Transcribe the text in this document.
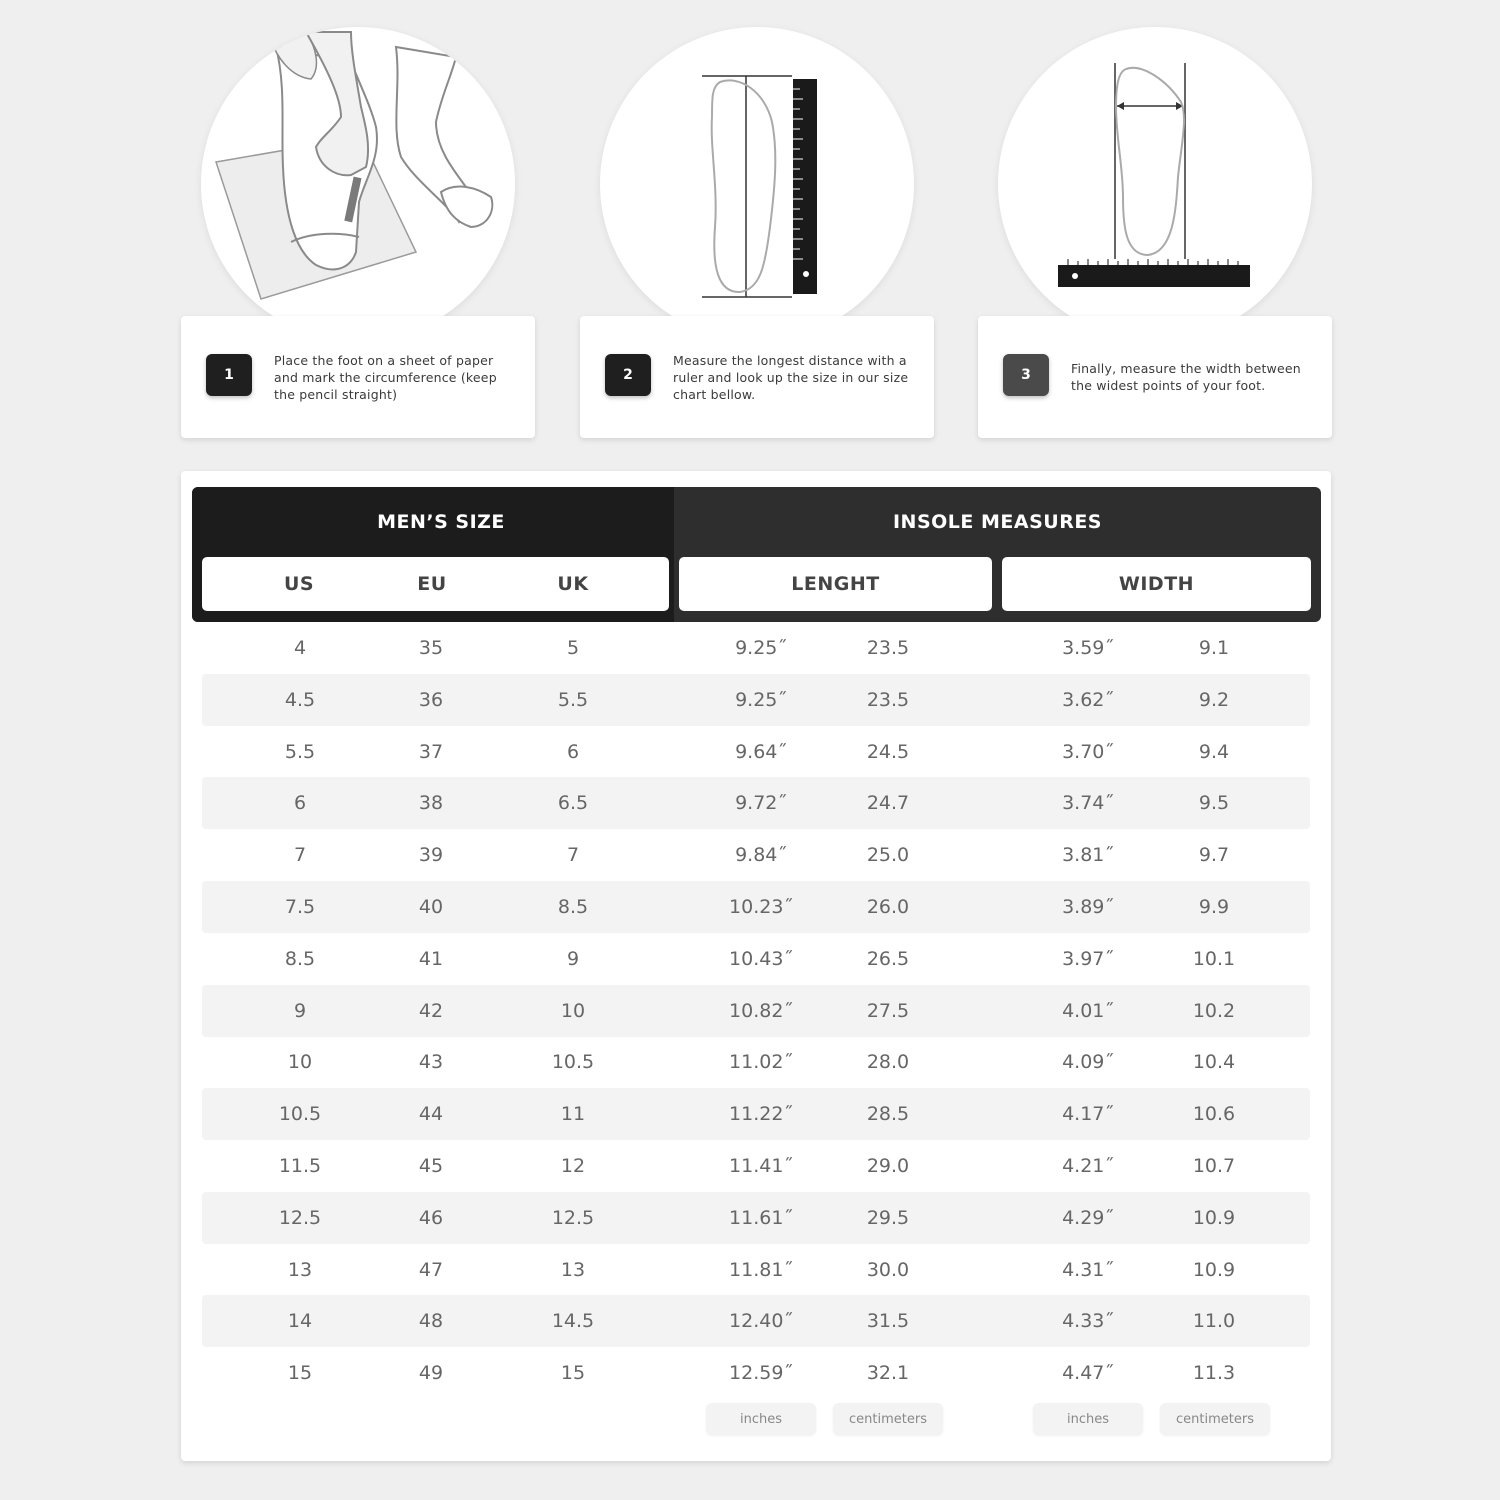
1
Place the foot on a sheet of paper and mark the circumference (keep the pencil straight)
2
Measure the longest distance with a ruler and look up the size in our size chart bellow.
3	Finally, measure the width between the widest points of your foot.
MEN’S SIZE	INSOLE MEASURES
US	EU	UK	LENGHT	WIDTH
4	35	5	9.25˝	23.5	3.59˝	9.1
4.5	36	5.5	9.25˝	23.5	3.62˝	9.2
5.5	37	6	9.64˝	24.5	3.70˝	9.4
6	38	6.5	9.72˝	24.7	3.74˝	9.5
7	39	7	9.84˝	25.0	3.81˝	9.7
7.5	40	8.5	10.23˝	26.0	3.89˝	9.9
8.5	41	9	10.43˝	26.5	3.97˝	10.1
9	42	10	10.82˝	27.5	4.01˝	10.2
10	43	10.5	11.02˝	28.0	4.09˝	10.4
10.5	44	11	11.22˝	28.5	4.17˝	10.6
11.5	45	12	11.41˝	29.0	4.21˝	10.7
12.5	46	12.5	11.61˝	29.5	4.29˝	10.9
13	47	13	11.81˝	30.0	4.31˝	10.9
14	48	14.5	12.40˝	31.5	4.33˝	11.0
15	49	15	12.59˝	32.1	4.47˝	11.3
inches	centimeters	inches	centimeters
